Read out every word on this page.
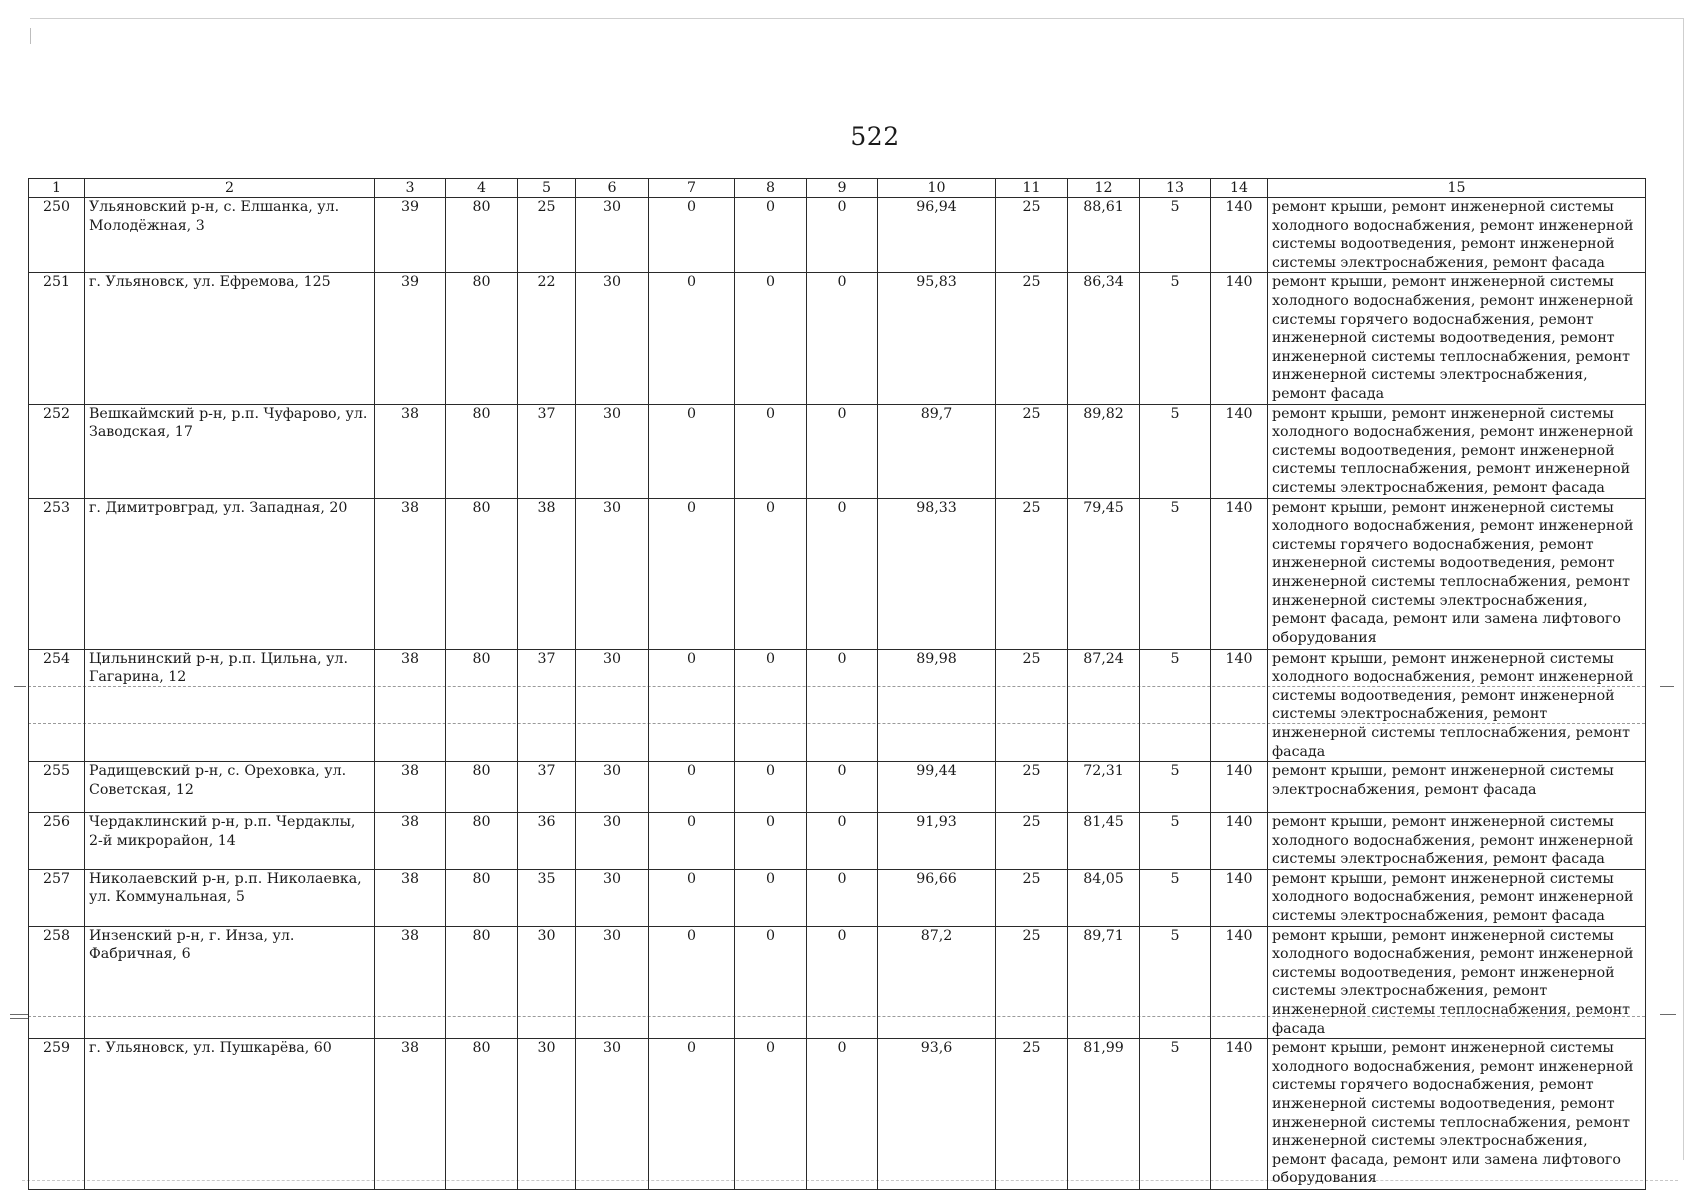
522
1	2	3	4	5	6	7	8	9	10	11	12	13	14	15
250	Ульяновский р-н, с. Елшанка, ул. Молодёжная, 3	39	80	25	30	0	0	0	96,94	25	88,61	5	140	ремонт крыши, ремонт инженерной системы холодного водоснабжения, ремонт инженерной системы водоотведения, ремонт инженерной системы электроснабжения, ремонт фасада
251	г. Ульяновск, ул. Ефремова, 125	39	80	22	30	0	0	0	95,83	25	86,34	5	140	ремонт крыши, ремонт инженерной системы холодного водоснабжения, ремонт инженерной системы горячего водоснабжения, ремонт инженерной системы водоотведения, ремонт инженерной системы теплоснабжения, ремонт инженерной системы электроснабжения, ремонт фасада
252	Вешкаймский р-н, р.п. Чуфарово, ул. Заводская, 17	38	80	37	30	0	0	0	89,7	25	89,82	5	140	ремонт крыши, ремонт инженерной системы холодного водоснабжения, ремонт инженерной системы водоотведения, ремонт инженерной системы теплоснабжения, ремонт инженерной системы электроснабжения, ремонт фасада
253	г. Димитровград, ул. Западная, 20	38	80	38	30	0	0	0	98,33	25	79,45	5	140	ремонт крыши, ремонт инженерной системы холодного водоснабжения, ремонт инженерной системы горячего водоснабжения, ремонт инженерной системы водоотведения, ремонт инженерной системы теплоснабжения, ремонт инженерной системы электроснабжения, ремонт фасада, ремонт или замена лифтового оборудования
254	Цильнинский р-н, р.п. Цильна, ул. Гагарина, 12	38	80	37	30	0	0	0	89,98	25	87,24	5	140	ремонт крыши, ремонт инженерной системы холодного водоснабжения, ремонт инженерной системы водоотведения, ремонт инженерной системы электроснабжения, ремонт инженерной системы теплоснабжения, ремонт фасада
255	Радищевский р-н, с. Ореховка, ул. Советская, 12	38	80	37	30	0	0	0	99,44	25	72,31	5	140	ремонт крыши, ремонт инженерной системы электроснабжения, ремонт фасада
256	Чердаклинский р-н, р.п. Чердаклы, 2-й микрорайон, 14	38	80	36	30	0	0	0	91,93	25	81,45	5	140	ремонт крыши, ремонт инженерной системы холодного водоснабжения, ремонт инженерной системы электроснабжения, ремонт фасада
257	Николаевский р-н, р.п. Николаевка, ул. Коммунальная, 5	38	80	35	30	0	0	0	96,66	25	84,05	5	140	ремонт крыши, ремонт инженерной системы холодного водоснабжения, ремонт инженерной системы электроснабжения, ремонт фасада
258	Инзенский р-н, г. Инза, ул. Фабричная, 6	38	80	30	30	0	0	0	87,2	25	89,71	5	140	ремонт крыши, ремонт инженерной системы холодного водоснабжения, ремонт инженерной системы водоотведения, ремонт инженерной системы электроснабжения, ремонт инженерной системы теплоснабжения, ремонт фасада
259	г. Ульяновск, ул. Пушкарёва, 60	38	80	30	30	0	0	0	93,6	25	81,99	5	140	ремонт крыши, ремонт инженерной системы холодного водоснабжения, ремонт инженерной системы горячего водоснабжения, ремонт инженерной системы водоотведения, ремонт инженерной системы теплоснабжения, ремонт инженерной системы электроснабжения, ремонт фасада, ремонт или замена лифтового оборудования
